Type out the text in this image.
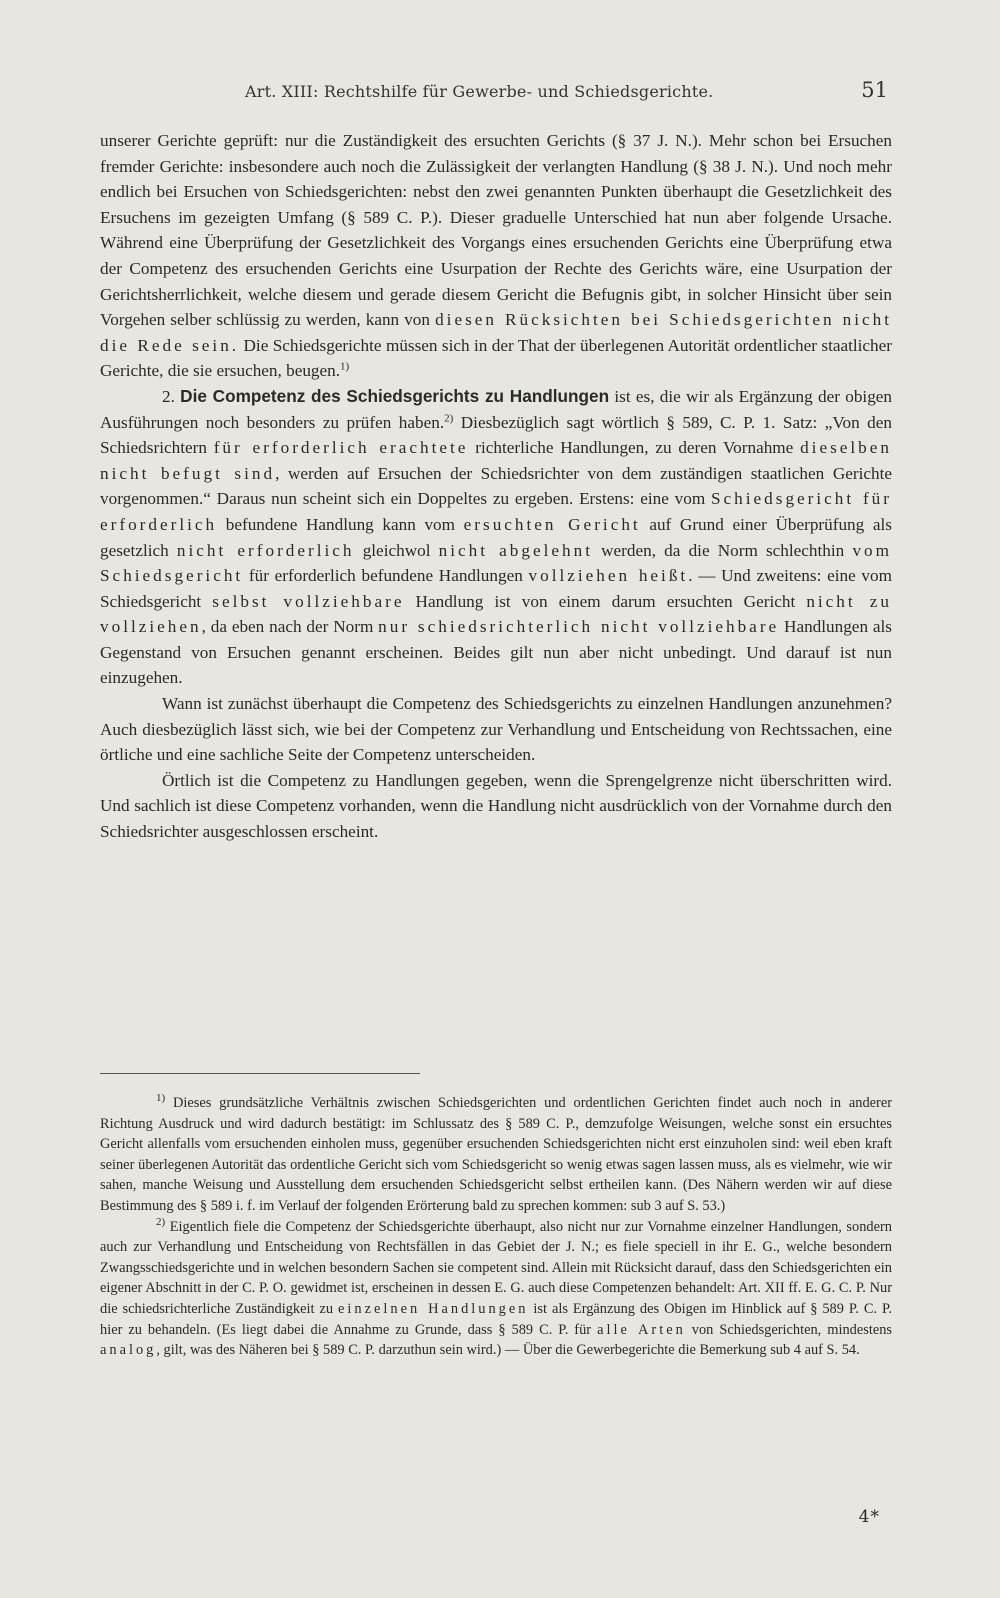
Art. XIII: Rechtshilfe für Gewerbe- und Schiedsgerichte.	51

unserer Gerichte geprüft: nur die Zuständigkeit des ersuchten Gerichts (§ 37 J. N.). Mehr schon bei Ersuchen fremder Gerichte: insbesondere auch noch die Zulässigkeit der verlangten Handlung (§ 38 J. N.). Und noch mehr endlich bei Ersuchen von Schiedsgerichten: nebst den zwei genannten Punkten überhaupt die Gesetzlichkeit des Ersuchens im gezeigten Umfang (§ 589 C. P.). Dieser graduelle Unterschied hat nun aber folgende Ursache. Während eine Überprüfung der Gesetzlichkeit des Vorgangs eines ersuchenden Gerichts eine Überprüfung etwa der Competenz des ersuchenden Gerichts eine Usurpation der Rechte des Gerichts wäre, eine Usurpation der Gerichtsherrlichkeit, welche diesem und gerade diesem Gericht die Befugnis gibt, in solcher Hinsicht über sein Vorgehen selber schlüssig zu werden, kann von diesen Rücksichten bei Schiedsgerichten nicht die Rede sein. Die Schiedsgerichte müssen sich in der That der überlegenen Autorität ordentlicher staatlicher Gerichte, die sie ersuchen, beugen.$^{1)}$

2. Die Competenz des Schiedsgerichts zu Handlungen ist es, die wir als Ergänzung der obigen Ausführungen noch besonders zu prüfen haben.$^{2)}$ Diesbezüglich sagt wörtlich § 589, C. P. 1. Satz: „Von den Schiedsrichtern für erforderlich erachtete richterliche Handlungen, zu deren Vornahme dieselben nicht befugt sind, werden auf Ersuchen der Schiedsrichter von dem zuständigen staatlichen Gerichte vorgenommen.“ Daraus nun scheint sich ein Doppeltes zu ergeben. Erstens: eine vom Schiedsgericht für erforderlich befundene Handlung kann vom ersuchten Gericht auf Grund einer Überprüfung als gesetzlich nicht erforderlich gleichwol nicht abgelehnt werden, da die Norm schlechthin vom Schiedsgericht für erforderlich befundene Handlungen vollziehen heißt. — Und zweitens: eine vom Schiedsgericht selbst vollziehbare Handlung ist von einem darum ersuchten Gericht nicht zu vollziehen, da eben nach der Norm nur schiedsrichterlich nicht vollziehbare Handlungen als Gegenstand von Ersuchen genannt erscheinen. Beides gilt nun aber nicht unbedingt. Und darauf ist nun einzugehen.

Wann ist zunächst überhaupt die Competenz des Schiedsgerichts zu einzelnen Handlungen anzunehmen? Auch diesbezüglich lässt sich, wie bei der Competenz zur Verhandlung und Entscheidung von Rechtssachen, eine örtliche und eine sachliche Seite der Competenz unterscheiden.

Örtlich ist die Competenz zu Handlungen gegeben, wenn die Sprengelgrenze nicht überschritten wird. Und sachlich ist diese Competenz vorhanden, wenn die Handlung nicht ausdrücklich von der Vornahme durch den Schiedsrichter ausgeschlossen erscheint.

$^{1)}$ Dieses grundsätzliche Verhältnis zwischen Schiedsgerichten und ordentlichen Gerichten findet auch noch in anderer Richtung Ausdruck und wird dadurch bestätigt: im Schlussatz des § 589 C. P., demzufolge Weisungen, welche sonst ein ersuchtes Gericht allenfalls vom ersuchenden einholen muss, gegenüber ersuchenden Schiedsgerichten nicht erst einzuholen sind: weil eben kraft seiner überlegenen Autorität das ordentliche Gericht sich vom Schiedsgericht so wenig etwas sagen lassen muss, als es vielmehr, wie wir sahen, manche Weisung und Ausstellung dem ersuchenden Schiedsgericht selbst ertheilen kann. (Des Nähern werden wir auf diese Bestimmung des § 589 i. f. im Verlauf der folgenden Erörterung bald zu sprechen kommen: sub 3 auf S. 53.)

$^{2)}$ Eigentlich fiele die Competenz der Schiedsgerichte überhaupt, also nicht nur zur Vornahme einzelner Handlungen, sondern auch zur Verhandlung und Entscheidung von Rechtsfällen in das Gebiet der J. N.; es fiele speciell in ihr E. G., welche besondern Zwangsschiedsgerichte und in welchen besondern Sachen sie competent sind. Allein mit Rücksicht darauf, dass den Schiedsgerichten ein eigener Abschnitt in der C. P. O. gewidmet ist, erscheinen in dessen E. G. auch diese Competenzen behandelt: Art. XII ff. E. G. C. P. Nur die schiedsrichterliche Zuständigkeit zu einzelnen Handlungen ist als Ergänzung des Obigen im Hinblick auf § 589 P. C. P. hier zu behandeln. (Es liegt dabei die Annahme zu Grunde, dass § 589 C. P. für alle Arten von Schiedsgerichten, mindestens analog, gilt, was des Näheren bei § 589 C. P. darzuthun sein wird.) — Über die Gewerbegerichte die Bemerkung sub 4 auf S. 54.

4*
